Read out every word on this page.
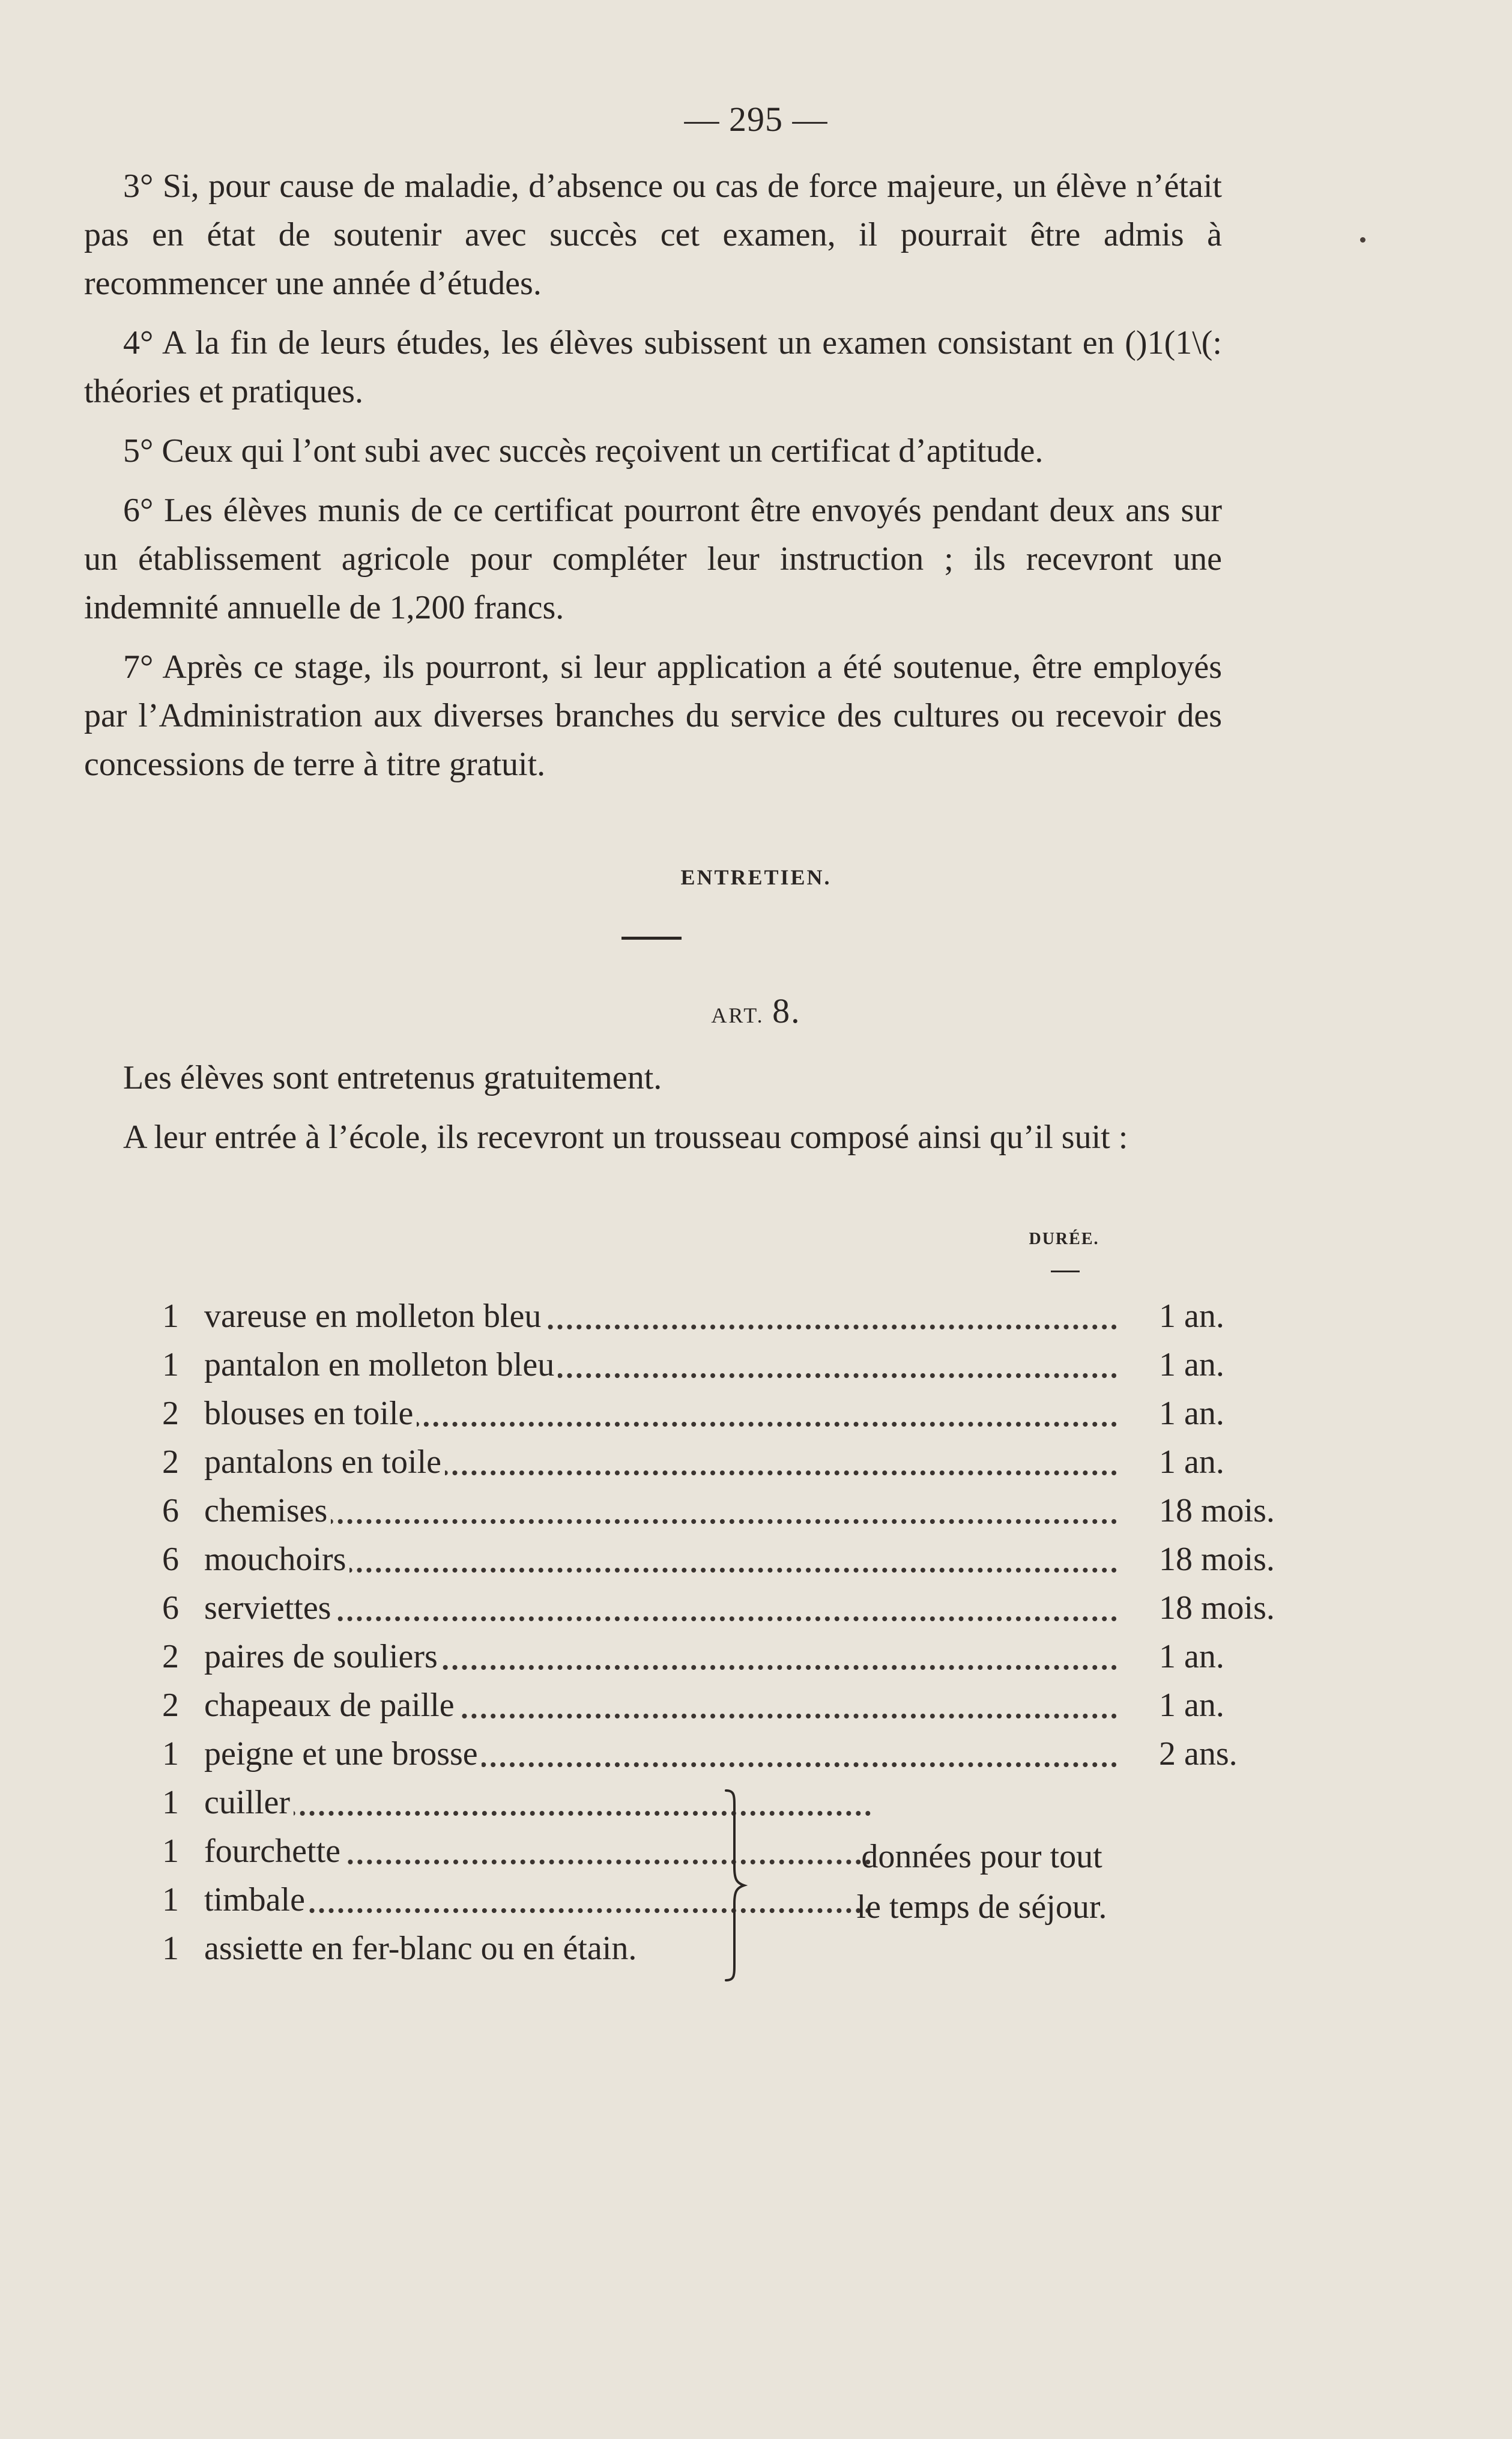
— 295 —

3° Si, pour cause de maladie, d’absence ou cas de force majeure, un élève n’était pas en état de soutenir avec succès cet examen, il pourrait être admis à recommencer une année d’études.

4° A la fin de leurs études, les élèves subissent un examen consistant en ()1(1\(: théories et pratiques.

5° Ceux qui l’ont subi avec succès reçoivent un certificat d’aptitude.

6° Les élèves munis de ce certificat pourront être envoyés pendant deux ans sur un établissement agricole pour compléter leur instruction ; ils recevront une indemnité annuelle de 1,200 francs.

7° Après ce stage, ils pourront, si leur application a été soutenue, être employés par l’Administration aux diverses branches du service des cultures ou recevoir des concessions de terre à titre gratuit.

ENTRETIEN.
ART. 8.

Les élèves sont entretenus gratuitement.

A leur entrée à l’école, ils recevront un trousseau composé ainsi qu’il suit :

DURÉE.
1 vareuse en molleton bleu	1 an.
1 pantalon en molleton bleu	1 an.
2 blouses en toile	1 an.
2 pantalons en toile	1 an.
6 chemises	18 mois.
6 mouchoirs	18 mois.
6 serviettes	18 mois.
2 paires de souliers	1 an.
2 chapeaux de paille	1 an.
1 peigne et une brosse	2 ans.
1 cuiller
1 fourchette
1 timbale
1 assiette en fer-blanc ou en étain.
données pour tout
le temps de séjour.
